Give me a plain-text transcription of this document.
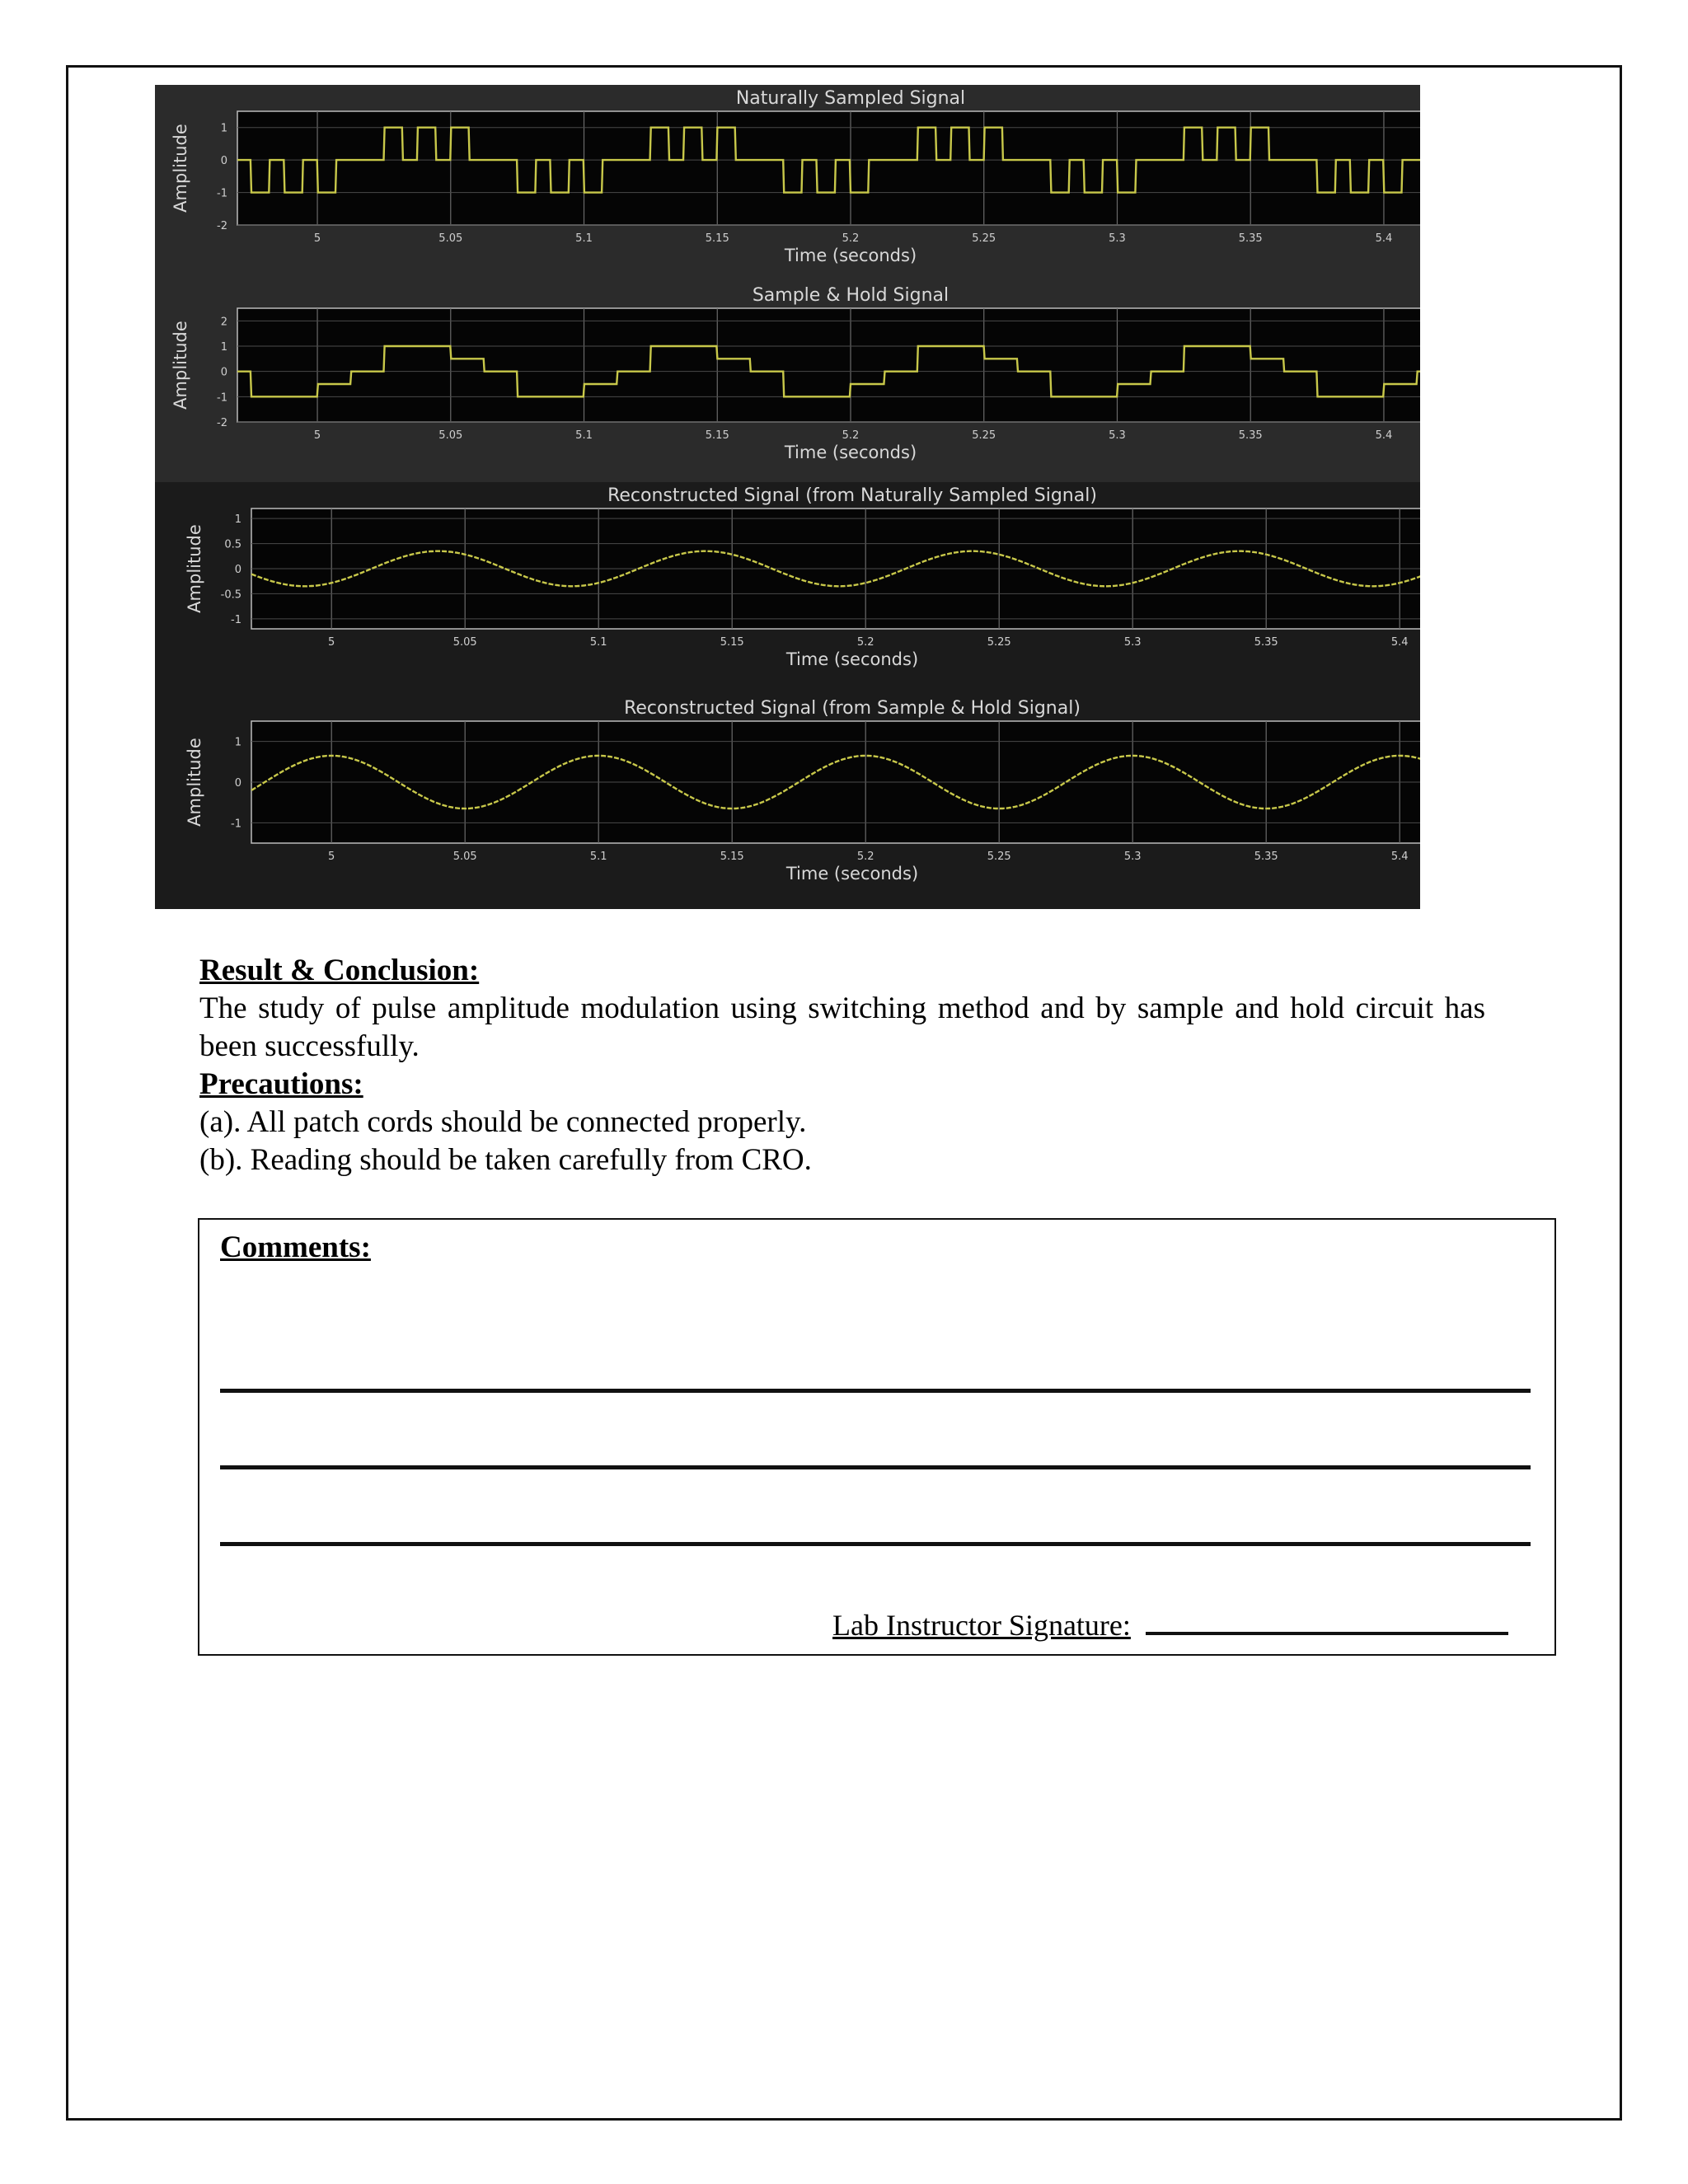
Naturally Sampled Signal
5	5.05	5.1	5.15	5.2	5.25	5.3	5.35	5.4
1
0
-1
-2
Time (seconds)
Amplitude
Sample & Hold Signal
5	5.05	5.1	5.15	5.2	5.25	5.3	5.35	5.4
2
1
0
-1
-2
Time (seconds)
Amplitude
Reconstructed Signal (from Naturally Sampled Signal)
5	5.05	5.1	5.15	5.2	5.25	5.3	5.35	5.4
1
0.5
0
-0.5
-1
Time (seconds)
Amplitude
Reconstructed Signal (from Sample & Hold Signal)
5	5.05	5.1	5.15	5.2	5.25	5.3	5.35	5.4
1
0
-1
Time (seconds)
Amplitude
Result & Conclusion:
The study of pulse amplitude modulation using switching method and by sample and hold circuit has been successfully.
Precautions:
(a). All patch cords should be connected properly.
(b). Reading should be taken carefully from CRO.
Comments:
Lab Instructor Signature:
